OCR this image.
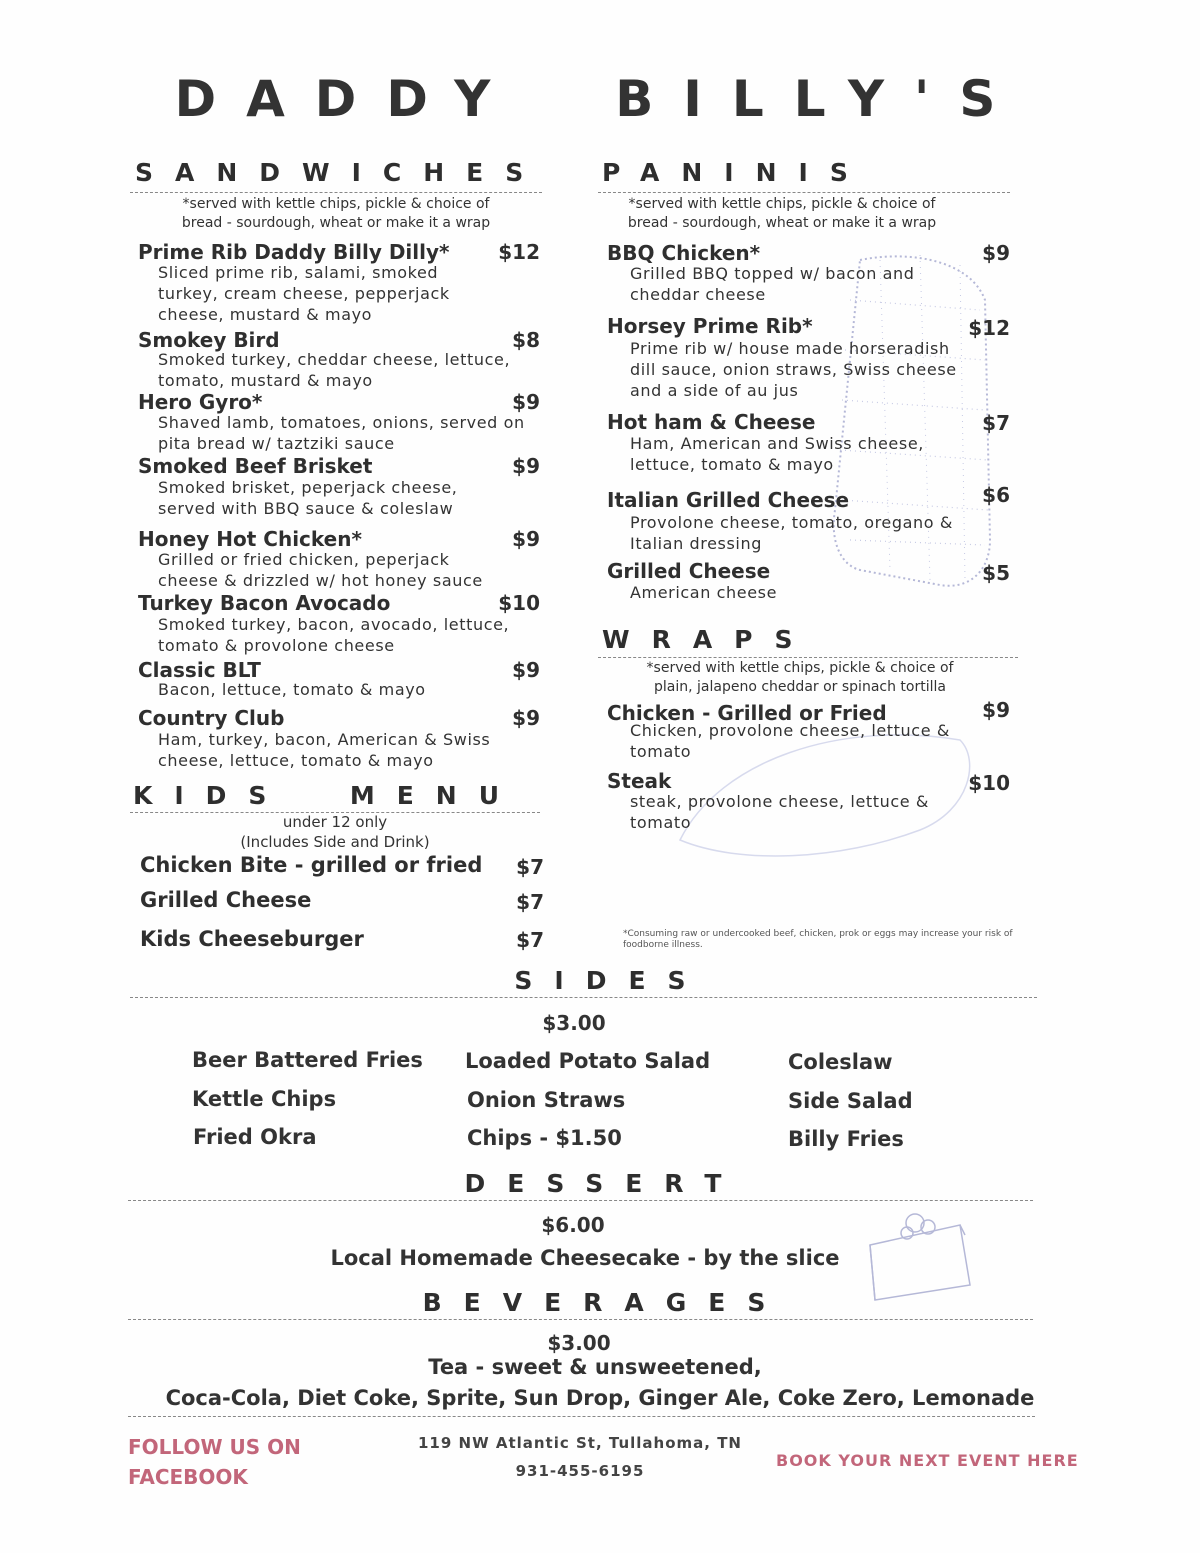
DADDY  BILLY'S
SANDWICHES
*served with kettle chips, pickle & choice of
bread - sourdough, wheat or make it a wrap
Prime Rib Daddy Billy Dilly*	$12
Sliced prime rib, salami, smoked turkey, cream cheese, pepperjack cheese, mustard & mayo
Smokey Bird	$8
Smoked turkey, cheddar cheese, lettuce, tomato, mustard & mayo
Hero Gyro*	$9
Shaved lamb, tomatoes, onions, served on pita bread w/ taztziki sauce
Smoked Beef Brisket	$9
Smoked brisket, peperjack cheese, served with BBQ sauce & coleslaw
Honey Hot Chicken*	$9
Grilled or fried chicken, peperjack cheese & drizzled w/ hot honey sauce
Turkey Bacon Avocado	$10
Smoked turkey, bacon, avocado, lettuce, tomato & provolone cheese
Classic BLT	$9
Bacon, lettuce, tomato & mayo
Country Club	$9
Ham, turkey, bacon, American & Swiss cheese, lettuce, tomato & mayo
KIDS  MENU
under 12 only
(Includes Side and Drink)
Chicken Bite - grilled or fried	$7
Grilled Cheese	$7
Kids Cheeseburger	$7
PANINIS
*served with kettle chips, pickle & choice of
bread - sourdough, wheat or make it a wrap
BBQ Chicken*	$9
Grilled BBQ topped w/ bacon and cheddar cheese
Horsey Prime Rib*	$12
Prime rib w/ house made horseradish dill sauce, onion straws, Swiss cheese and a side of au jus
Hot ham & Cheese	$7
Ham, American and Swiss cheese, lettuce, tomato & mayo
Italian Grilled Cheese	$6
Provolone cheese, tomato, oregano & Italian dressing
Grilled Cheese	$5
American cheese
WRAPS
*served with kettle chips, pickle & choice of
plain, jalapeno cheddar or spinach tortilla
Chicken - Grilled or Fried	$9
Chicken, provolone cheese, lettuce & tomato
Steak	$10
steak, provolone cheese, lettuce & tomato
*Consuming raw or undercooked beef, chicken, prok or eggs may increase your risk of foodborne illness.
SIDES
$3.00
Beer Battered Fries
Kettle Chips
Fried Okra
Loaded Potato Salad
Onion Straws
Chips - $1.50
Coleslaw
Side Salad
Billy Fries
DESSERT
$6.00
Local Homemade Cheesecake - by the slice
BEVERAGES
$3.00
Tea - sweet & unsweetened,
Coca-Cola, Diet Coke, Sprite, Sun Drop, Ginger Ale, Coke Zero, Lemonade
FOLLOW US ON
FACEBOOK
119 NW Atlantic St, Tullahoma, TN
931-455-6195
BOOK YOUR NEXT EVENT HERE
